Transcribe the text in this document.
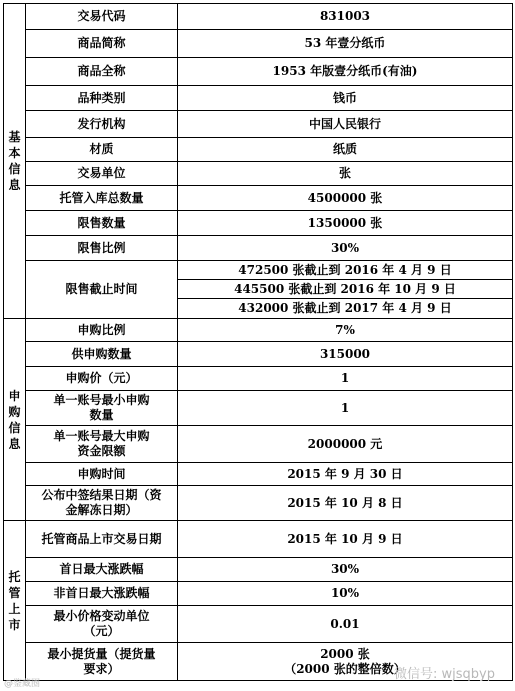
基本信息	交易代码	831003
	商品简称	53 年壹分纸币
	商品全称	1953 年版壹分纸币(有油)
	品种类别	钱币
	发行机构	中国人民银行
	材质	纸质
	交易单位	张
	托管入库总数量	4500000 张
	限售数量	1350000 张
	限售比例	30%
	限售截止时间	472500 张截止到 2016 年 4 月 9 日
		445500 张截止到 2016 年 10 月 9 日
		432000 张截止到 2017 年 4 月 9 日

申购信息	申购比例	7%
	供申购数量	315000
	申购价（元）	1
	单一账号最小申购数量	1
	单一账号最大申购资金限额	2000000 元
	申购时间	2015 年 9 月 30 日
	公布中签结果日期（资金解冻日期）	2015 年 10 月 8 日

托管上市	托管商品上市交易日期	2015 年 10 月 9 日
	首日最大涨跌幅	30%
	非首日最大涨跌幅	10%
	最小价格变动单位（元）	0.01
	最小提货量（提货量要求）	2000 张
（2000 张的整倍数）
微信号: wjsqbyp
@鉴藏圈
